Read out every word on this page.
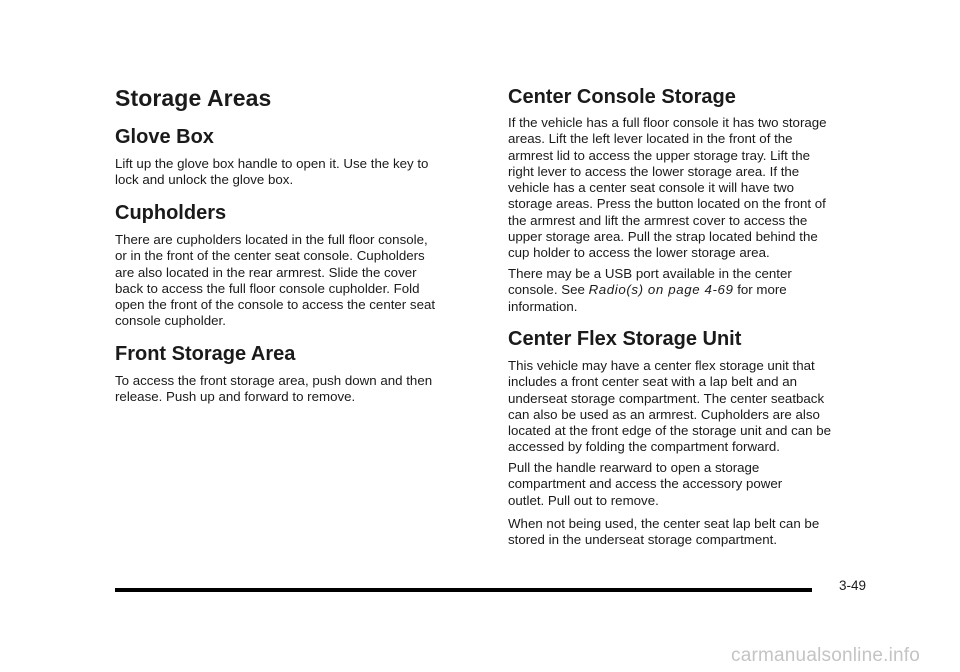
Storage Areas
Glove Box

Lift up the glove box handle to open it. Use the key to
lock and unlock the glove box.

Cupholders

There are cupholders located in the full floor console,
or in the front of the center seat console. Cupholders
are also located in the rear armrest. Slide the cover
back to access the full floor console cupholder. Fold
open the front of the console to access the center seat
console cupholder.

Front Storage Area

To access the front storage area, push down and then
release. Push up and forward to remove.

Center Console Storage

If the vehicle has a full floor console it has two storage
areas. Lift the left lever located in the front of the
armrest lid to access the upper storage tray. Lift the
right lever to access the lower storage area. If the
vehicle has a center seat console it will have two
storage areas. Press the button located on the front of
the armrest and lift the armrest cover to access the
upper storage area. Pull the strap located behind the
cup holder to access the lower storage area.

There may be a USB port available in the center
console. See Radio(s) on page 4-69 for more
information.

Center Flex Storage Unit

This vehicle may have a center flex storage unit that
includes a front center seat with a lap belt and an
underseat storage compartment. The center seatback
can also be used as an armrest. Cupholders are also
located at the front edge of the storage unit and can be
accessed by folding the compartment forward.

Pull the handle rearward to open a storage
compartment and access the accessory power
outlet. Pull out to remove.

When not being used, the center seat lap belt can be
stored in the underseat storage compartment.

3-49
carmanualsonline.info
